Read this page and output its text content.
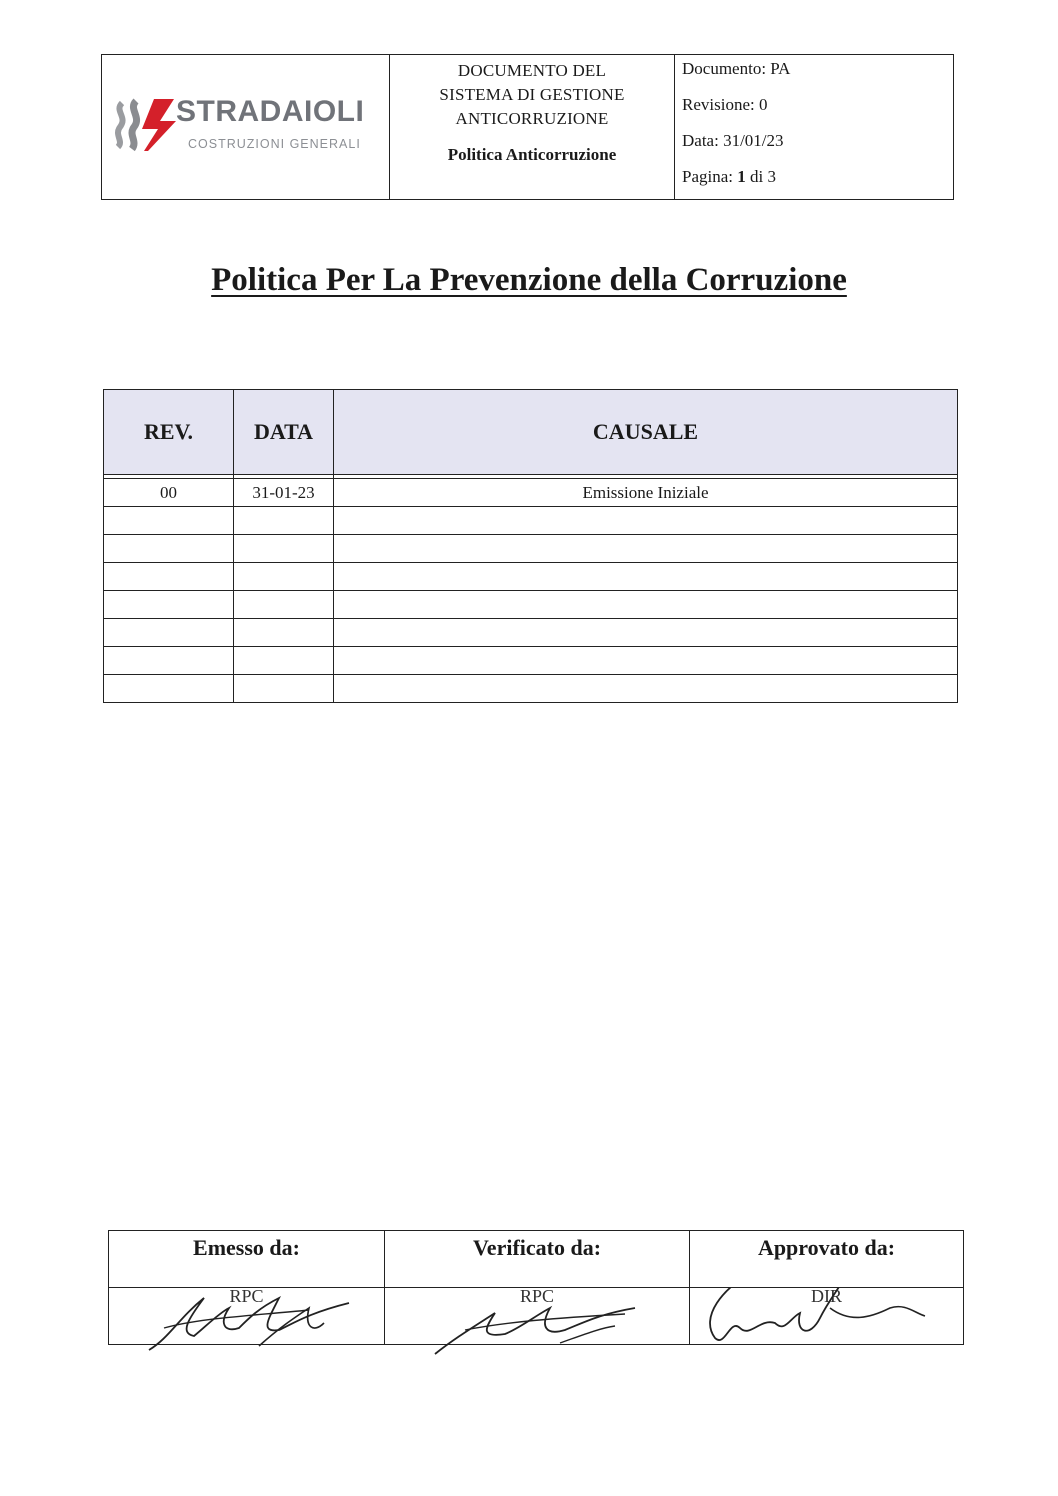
STRADAIOLI
COSTRUZIONI GENERALI
DOCUMENTO DEL
SISTEMA DI GESTIONE
ANTICORRUZIONE
Politica Anticorruzione
Documento: PA
Revisione: 0
Data: 31/01/23
Pagina: 1 di 3
Politica Per La Prevenzione della Corruzione
REV.	DATA	CAUSALE

00	31-01-23	Emissione Iniziale

Emesso da:	Verificato da:	Approvato da:

RPC	RPC	DIR
